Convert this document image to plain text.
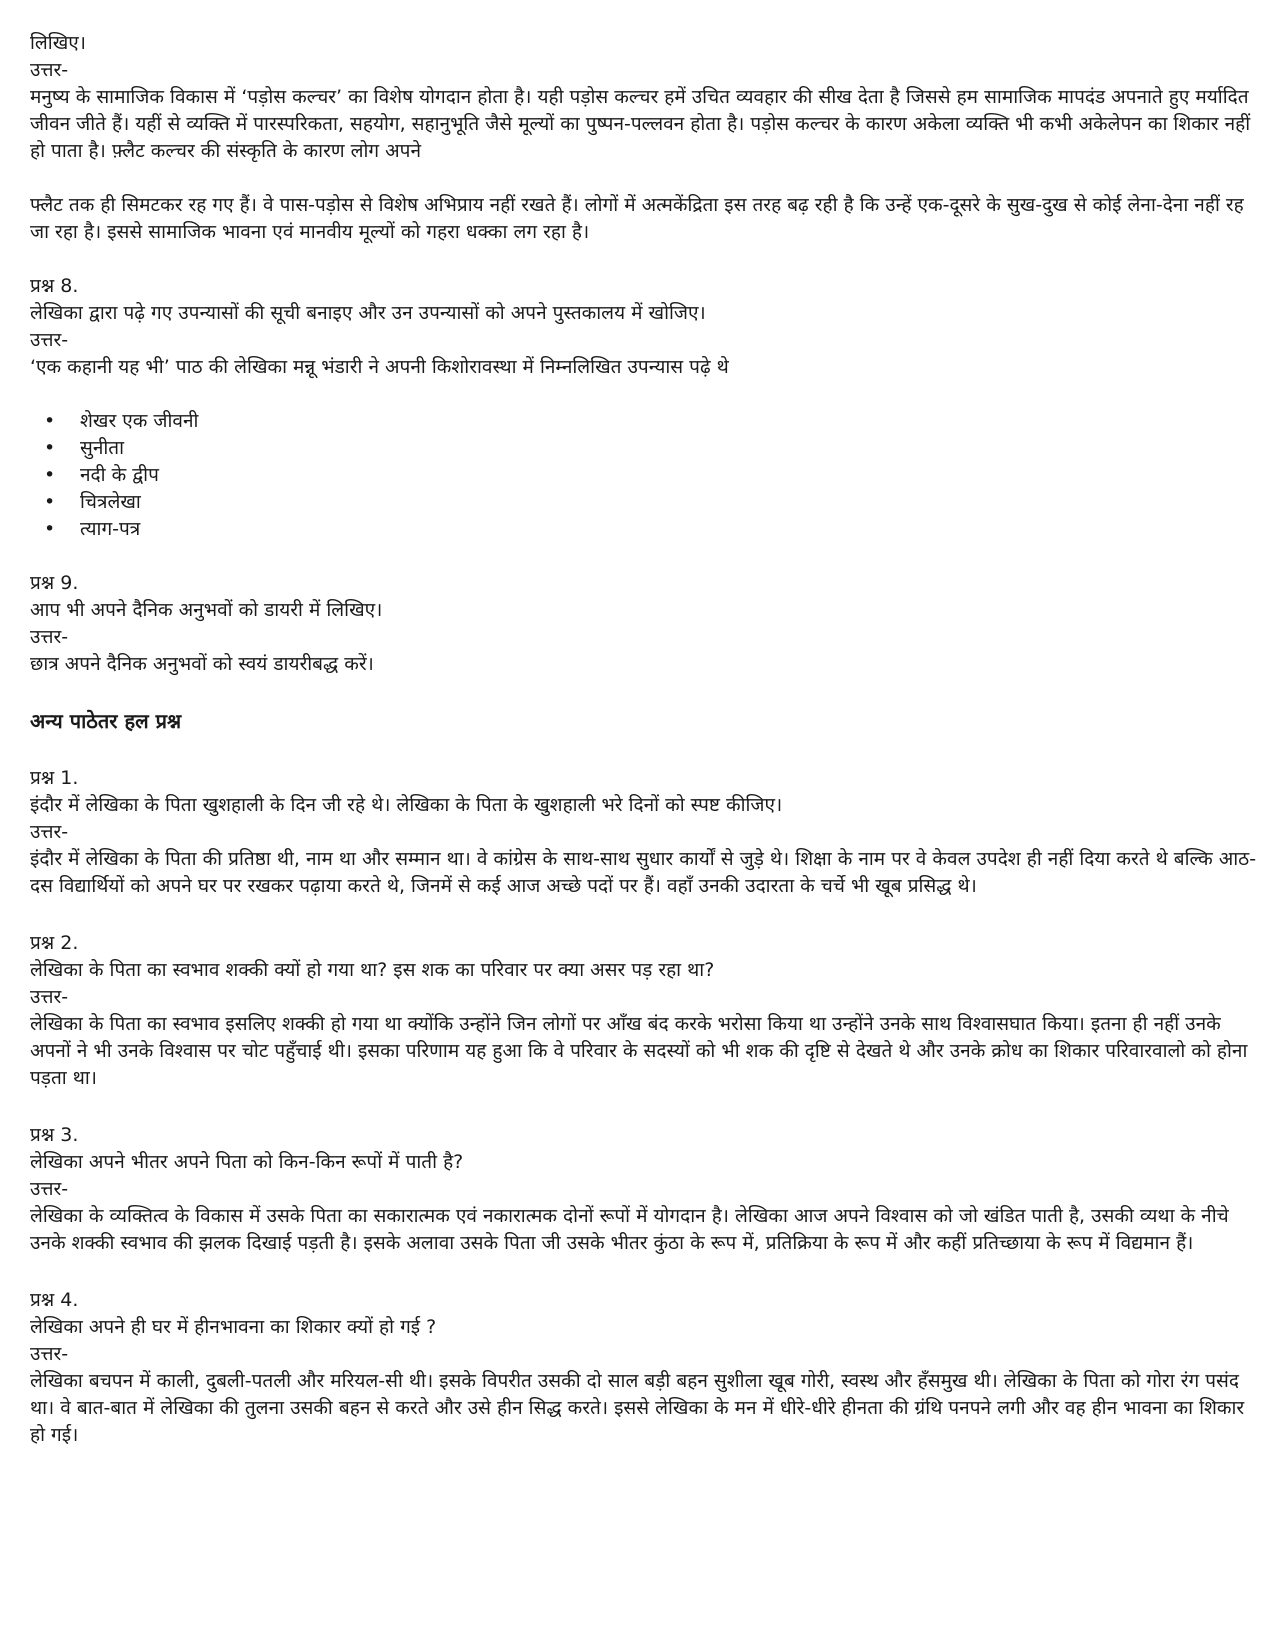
लिखिए।

उत्तर-

मनुष्य के सामाजिक विकास में ‘पड़ोस कल्चर’ का विशेष योगदान होता है। यही पड़ोस कल्चर हमें उचित व्यवहार की सीख देता है जिससे हम सामाजिक मापदंड अपनाते हुए मर्यादित जीवन जीते हैं। यहीं से व्यक्ति में पारस्परिकता, सहयोग, सहानुभूति जैसे मूल्यों का पुष्पन-पल्लवन होता है। पड़ोस कल्चर के कारण अकेला व्यक्ति भी कभी अकेलेपन का शिकार नहीं हो पाता है। फ़्लैट कल्चर की संस्कृति के कारण लोग अपने

फ्लैट तक ही सिमटकर रह गए हैं। वे पास-पड़ोस से विशेष अभिप्राय नहीं रखते हैं। लोगों में अत्मकेंद्रिता इस तरह बढ़ रही है कि उन्हें एक-दूसरे के सुख-दुख से कोई लेना-देना नहीं रह जा रहा है। इससे सामाजिक भावना एवं मानवीय मूल्यों को गहरा धक्का लग रहा है।

प्रश्न 8.

लेखिका द्वारा पढ़े गए उपन्यासों की सूची बनाइए और उन उपन्यासों को अपने पुस्तकालय में खोजिए।

उत्तर-

‘एक कहानी यह भी’ पाठ की लेखिका मन्नू भंडारी ने अपनी किशोरावस्था में निम्नलिखित उपन्यास पढ़े थे

• शेखर एक जीवनी
• सुनीता
• नदी के द्वीप
• चित्रलेखा
• त्याग-पत्र

प्रश्न 9.

आप भी अपने दैनिक अनुभवों को डायरी में लिखिए।

उत्तर-

छात्र अपने दैनिक अनुभवों को स्वयं डायरीबद्ध करें।

अन्य पाठेतर हल प्रश्न

प्रश्न 1.

इंदौर में लेखिका के पिता खुशहाली के दिन जी रहे थे। लेखिका के पिता के खुशहाली भरे दिनों को स्पष्ट कीजिए।

उत्तर-

इंदौर में लेखिका के पिता की प्रतिष्ठा थी, नाम था और सम्मान था। वे कांग्रेस के साथ-साथ सुधार कार्यों से जुड़े थे। शिक्षा के नाम पर वे केवल उपदेश ही नहीं दिया करते थे बल्कि आठ-दस विद्यार्थियों को अपने घर पर रखकर पढ़ाया करते थे, जिनमें से कई आज अच्छे पदों पर हैं। वहाँ उनकी उदारता के चर्चे भी खूब प्रसिद्ध थे।

प्रश्न 2.

लेखिका के पिता का स्वभाव शक्की क्यों हो गया था? इस शक का परिवार पर क्या असर पड़ रहा था?

उत्तर-

लेखिका के पिता का स्वभाव इसलिए शक्की हो गया था क्योंकि उन्होंने जिन लोगों पर आँख बंद करके भरोसा किया था उन्होंने उनके साथ विश्वासघात किया। इतना ही नहीं उनके अपनों ने भी उनके विश्वास पर चोट पहुँचाई थी। इसका परिणाम यह हुआ कि वे परिवार के सदस्यों को भी शक की दृष्टि से देखते थे और उनके क्रोध का शिकार परिवारवालो को होना पड़ता था।

प्रश्न 3.

लेखिका अपने भीतर अपने पिता को किन-किन रूपों में पाती है?

उत्तर-

लेखिका के व्यक्तित्व के विकास में उसके पिता का सकारात्मक एवं नकारात्मक दोनों रूपों में योगदान है। लेखिका आज अपने विश्वास को जो खंडित पाती है, उसकी व्यथा के नीचे उनके शक्की स्वभाव की झलक दिखाई पड़ती है। इसके अलावा उसके पिता जी उसके भीतर कुंठा के रूप में, प्रतिक्रिया के रूप में और कहीं प्रतिच्छाया के रूप में विद्यमान हैं।

प्रश्न 4.

लेखिका अपने ही घर में हीनभावना का शिकार क्यों हो गई ?

उत्तर-

लेखिका बचपन में काली, दुबली-पतली और मरियल-सी थी। इसके विपरीत उसकी दो साल बड़ी बहन सुशीला खूब गोरी, स्वस्थ और हँसमुख थी। लेखिका के पिता को गोरा रंग पसंद था। वे बात-बात में लेखिका की तुलना उसकी बहन से करते और उसे हीन सिद्ध करते। इससे लेखिका के मन में धीरे-धीरे हीनता की ग्रंथि पनपने लगी और वह हीन भावना का शिकार हो गई।
